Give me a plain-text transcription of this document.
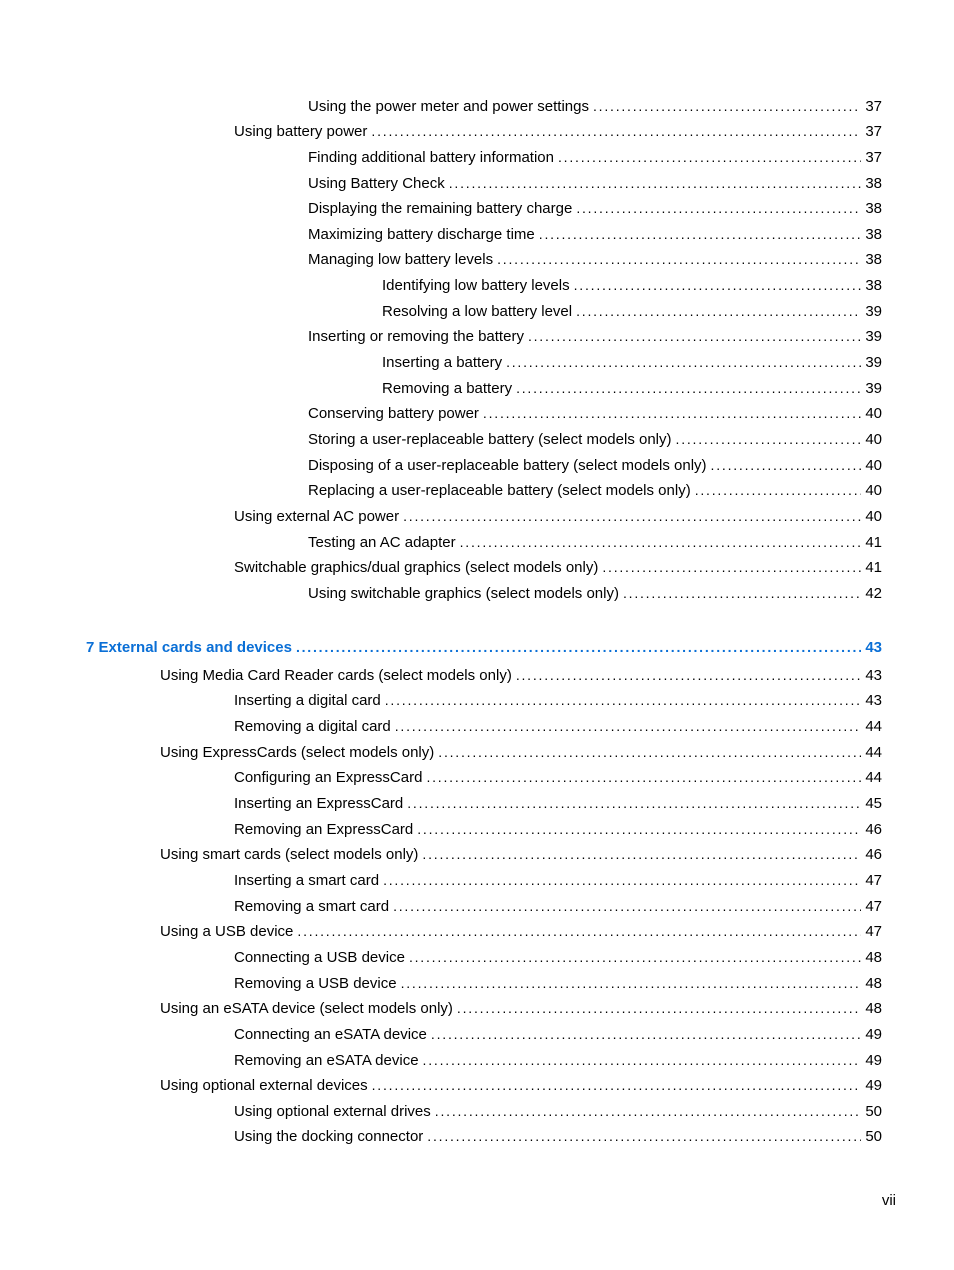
Using the power meter and power settings . . .	37
Using battery power . . .	37
Finding additional battery information . . .	37
Using Battery Check . . .	38
Displaying the remaining battery charge . . .	38
Maximizing battery discharge time . . .	38
Managing low battery levels . . .	38
Identifying low battery levels . . .	38
Resolving a low battery level . . .	39
Inserting or removing the battery . . .	39
Inserting a battery . . .	39
Removing a battery . . .	39
Conserving battery power . . .	40
Storing a user-replaceable battery (select models only) . . .	40
Disposing of a user-replaceable battery (select models only) . . .	40
Replacing a user-replaceable battery (select models only) . . .	40
Using external AC power . . .	40
Testing an AC adapter . . .	41
Switchable graphics/dual graphics (select models only) . . .	41
Using switchable graphics (select models only) . . .	42
7 External cards and devices . . .	43
Using Media Card Reader cards (select models only) . . .	43
Inserting a digital card . . .	43
Removing a digital card . . .	44
Using ExpressCards (select models only) . . .	44
Configuring an ExpressCard . . .	44
Inserting an ExpressCard . . .	45
Removing an ExpressCard . . .	46
Using smart cards (select models only) . . .	46
Inserting a smart card . . .	47
Removing a smart card . . .	47
Using a USB device . . .	47
Connecting a USB device . . .	48
Removing a USB device . . .	48
Using an eSATA device (select models only) . . .	48
Connecting an eSATA device . . .	49
Removing an eSATA device . . .	49
Using optional external devices . . .	49
Using optional external drives . . .	50
Using the docking connector . . .	50
vii
